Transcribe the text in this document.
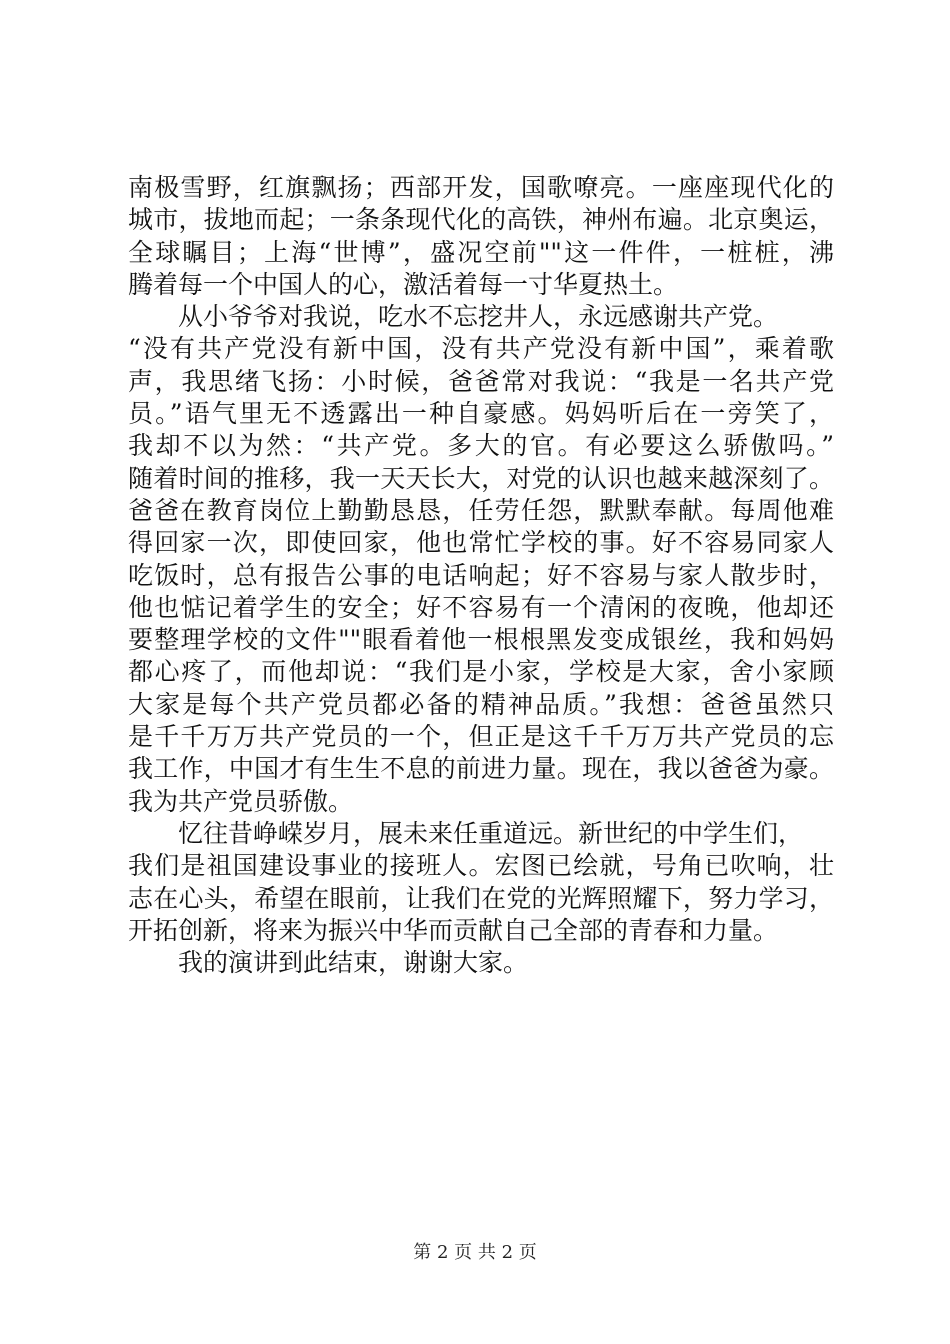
南极雪野，红旗飘扬；西部开发，国歌嘹亮。一座座现代化的
城市，拔地而起；一条条现代化的高铁，神州布遍。北京奥运，
全球瞩目；上海“世博”，盛况空前""这一件件，一桩桩，沸
腾着每一个中国人的心，激活着每一寸华夏热土。
从小爷爷对我说，吃水不忘挖井人，永远感谢共产党。
“没有共产党没有新中国，没有共产党没有新中国”，乘着歌
声，我思绪飞扬：小时候，爸爸常对我说：“我是一名共产党
员。”语气里无不透露出一种自豪感。妈妈听后在一旁笑了，
我却不以为然：“共产党。多大的官。有必要这么骄傲吗。”
随着时间的推移，我一天天长大，对党的认识也越来越深刻了。
爸爸在教育岗位上勤勤恳恳，任劳任怨，默默奉献。每周他难
得回家一次，即使回家，他也常忙学校的事。好不容易同家人
吃饭时，总有报告公事的电话响起；好不容易与家人散步时，
他也惦记着学生的安全；好不容易有一个清闲的夜晚，他却还
要整理学校的文件""眼看着他一根根黑发变成银丝，我和妈妈
都心疼了，而他却说：“我们是小家，学校是大家，舍小家顾
大家是每个共产党员都必备的精神品质。”我想：爸爸虽然只
是千千万万共产党员的一个，但正是这千千万万共产党员的忘
我工作，中国才有生生不息的前进力量。现在，我以爸爸为豪。
我为共产党员骄傲。
忆往昔峥嵘岁月，展未来任重道远。新世纪的中学生们，
我们是祖国建设事业的接班人。宏图已绘就，号角已吹响，壮
志在心头，希望在眼前，让我们在党的光辉照耀下，努力学习，
开拓创新，将来为振兴中华而贡献自己全部的青春和力量。
我的演讲到此结束，谢谢大家。
第 2 页 共 2 页
